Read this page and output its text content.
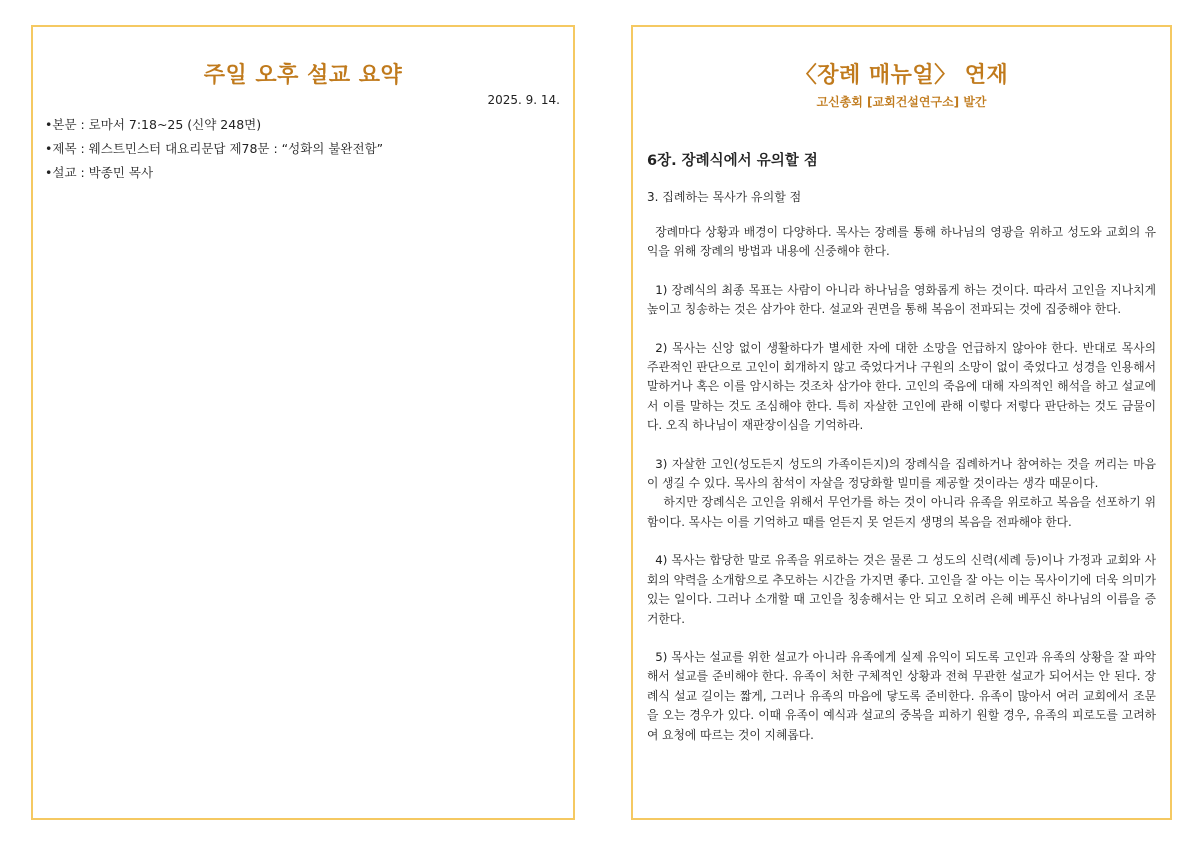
주일 오후 설교 요약
2025. 9. 14.
•본문 : 로마서 7:18~25 (신약 248면)
•제목 : 웨스트민스터 대요리문답 제78문 : “성화의 불완전함”
•설교 : 박종민 목사
〈장례 매뉴얼〉 연재
고신총회 [교회건설연구소] 발간
6장. 장례식에서 유의할 점
3. 집례하는 목사가 유의할 점

장례마다 상황과 배경이 다양하다. 목사는 장례를 통해 하나님의 영광을 위하고 성도와 교회의 유익을 위해 장례의 방법과 내용에 신중해야 한다.

1) 장례식의 최종 목표는 사람이 아니라 하나님을 영화롭게 하는 것이다. 따라서 고인을 지나치게 높이고 칭송하는 것은 삼가야 한다. 설교와 권면을 통해 복음이 전파되는 것에 집중해야 한다.

2) 목사는 신앙 없이 생활하다가 별세한 자에 대한 소망을 언급하지 않아야 한다. 반대로 목사의 주관적인 판단으로 고인이 회개하지 않고 죽었다거나 구원의 소망이 없이 죽었다고 성경을 인용해서 말하거나 혹은 이를 암시하는 것조차 삼가야 한다. 고인의 죽음에 대해 자의적인 해석을 하고 설교에서 이를 말하는 것도 조심해야 한다. 특히 자살한 고인에 관해 이렇다 저렇다 판단하는 것도 금물이다. 오직 하나님이 재판장이심을 기억하라.

3) 자살한 고인(성도든지 성도의 가족이든지)의 장례식을 집례하거나 참여하는 것을 꺼리는 마음이 생길 수 있다. 목사의 참석이 자살을 정당화할 빌미를 제공할 것이라는 생각 때문이다.

하지만 장례식은 고인을 위해서 무언가를 하는 것이 아니라 유족을 위로하고 복음을 선포하기 위함이다. 목사는 이를 기억하고 때를 얻든지 못 얻든지 생명의 복음을 전파해야 한다.

4) 목사는 합당한 말로 유족을 위로하는 것은 물론 그 성도의 신력(세례 등)이나 가정과 교회와 사회의 약력을 소개함으로 추모하는 시간을 가지면 좋다. 고인을 잘 아는 이는 목사이기에 더욱 의미가 있는 일이다. 그러나 소개할 때 고인을 칭송해서는 안 되고 오히려 은혜 베푸신 하나님의 이름을 증거한다.

5) 목사는 설교를 위한 설교가 아니라 유족에게 실제 유익이 되도록 고인과 유족의 상황을 잘 파악해서 설교를 준비해야 한다. 유족이 처한 구체적인 상황과 전혀 무관한 설교가 되어서는 안 된다. 장례식 설교 길이는 짧게, 그러나 유족의 마음에 닿도록 준비한다. 유족이 많아서 여러 교회에서 조문을 오는 경우가 있다. 이때 유족이 예식과 설교의 중복을 피하기 원할 경우, 유족의 피로도를 고려하여 요청에 따르는 것이 지혜롭다.
